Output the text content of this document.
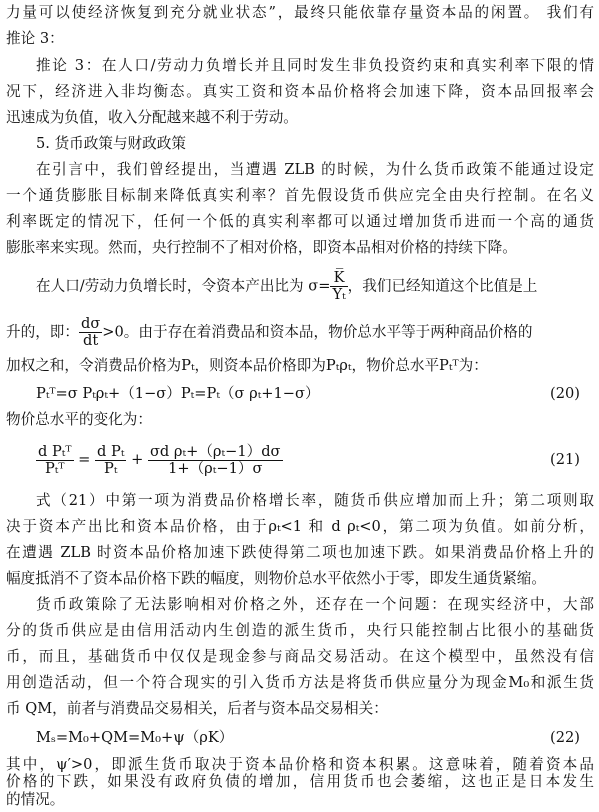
力量可以使经济恢复到充分就业状态”，最终只能依靠存量资本品的闲置。 我们有
推论 3：
推论 3：在人口/劳动力负增长并且同时发生非负投资约束和真实利率下限的情
况下，经济进入非均衡态。真实工资和资本品价格将会加速下降，资本品回报率会
迅速成为负值，收入分配越来越不利于劳动。
5. 货币政策与财政政策
在引言中，我们曾经提出，当遭遇 ZLB 的时候，为什么货币政策不能通过设定
一个通货膨胀目标制来降低真实利率？首先假设货币供应完全由央行控制。在名义
利率既定的情况下，任何一个低的真实利率都可以通过增加货币进而一个高的通货
膨胀率来实现。然而，央行控制不了相对价格，即资本品相对价格的持续下降。
在人口/劳动力负增长时，令资本产出比为 $\sigma= \frac{K̅}{\text{Yₜ}}$ ，我们已经知道这个比值是上
升的，即： $\frac{d\sigma}{dt} >0$。由于存在着消费品和资本品，物价总水平等于两种商品价格的
加权之和，令消费品价格为Pₜ，则资本品价格即为Pₜρₜ，物价总水平Pₜᵀ为：
Pₜᵀ=σ Pₜρₜ+（1−σ）Pₜ=Pₜ（σ ρₜ+1−σ）	(20)
物价总水平的变化为：
$\frac{\text{d Pₜᵀ}}{\text{Pₜᵀ}} = \frac{\text{d Pₜ}}{\text{Pₜ}} + \frac{\text{σd ρₜ+（ρₜ−1）dσ}}{\text{1+（ρₜ−1）σ}}$	(21)
式（21）中第一项为消费品价格增长率，随货币供应增加而上升；第二项则取
决于资本产出比和资本品价格，由于ρₜ<1 和 d ρₜ<0，第二项为负值。如前分析，
在遭遇 ZLB 时资本品价格加速下跌使得第二项也加速下跌。如果消费品价格上升的
幅度抵消不了资本品价格下跌的幅度，则物价总水平依然小于零，即发生通货紧缩。
货币政策除了无法影响相对价格之外，还存在一个问题：在现实经济中，大部
分的货币供应是由信用活动内生创造的派生货币，央行只能控制占比很小的基础货
币，而且，基础货币中仅仅是现金参与商品交易活动。在这个模型中，虽然没有信
用创造活动，但一个符合现实的引入货币方法是将货币供应量分为现金M₀和派生货
币 QM，前者与消费品交易相关，后者与资本品交易相关：
Mₛ=M₀+QM=M₀+ψ（ρK）	(22)
其中，ψ′>0，即派生货币取决于资本品价格和资本积累。这意味着，随着资本品
价格的下跌，如果没有政府负债的增加，信用货币也会萎缩，这也正是日本发生
的情况。
